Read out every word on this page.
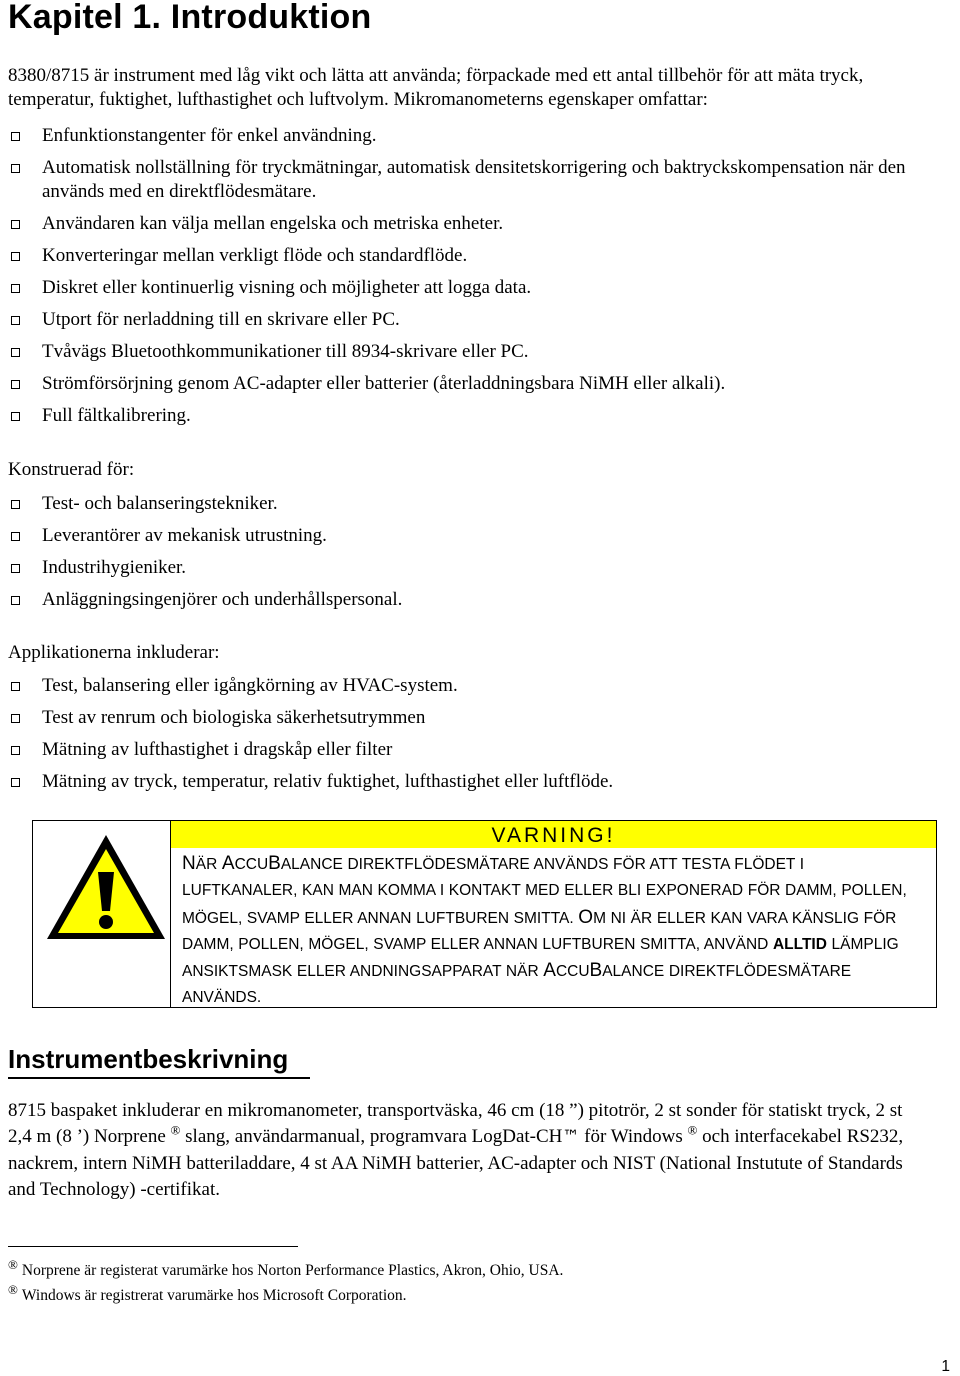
Kapitel 1. Introduktion

8380/8715 är instrument med låg vikt och lätta att använda; förpackade med ett antal tillbehör för att mäta tryck, temperatur, fuktighet, lufthastighet och luftvolym. Mikromanometerns egenskaper omfattar:

Enfunktionstangenter för enkel användning.
Automatisk nollställning för tryckmätningar, automatisk densitetskorrigering och baktryckskompensation när den används med en direktflödesmätare.
Användaren kan välja mellan engelska och metriska enheter.
Konverteringar mellan verkligt flöde och standardflöde.
Diskret eller kontinuerlig visning och möjligheter att logga data.
Utport för nerladdning till en skrivare eller PC.
Tvåvägs Bluetoothkommunikationer till 8934-skrivare eller PC.
Strömförsörjning genom AC-adapter eller batterier (återladdningsbara NiMH eller alkali).
Full fältkalibrering.

Konstruerad för:

Test- och balanseringstekniker.
Leverantörer av mekanisk utrustning.
Industrihygieniker.
Anläggningsingenjörer och underhållspersonal.

Applikationerna inkluderar:

Test, balansering eller igångkörning av HVAC-system.
Test av renrum och biologiska säkerhetsutrymmen
Mätning av lufthastighet i dragskåp eller filter
Mätning av tryck, temperatur, relativ fuktighet, lufthastighet eller luftflöde.
VARNING!

NÄR ACCUBALANCE DIREKTFLÖDESMÄTARE ANVÄNDS FÖR ATT TESTA FLÖDET I LUFTKANALER, KAN MAN KOMMA I KONTAKT MED ELLER BLI EXPONERAD FÖR DAMM, POLLEN, MÖGEL, SVAMP ELLER ANNAN LUFTBUREN SMITTA. OM NI ÄR ELLER KAN VARA KÄNSLIG FÖR DAMM, POLLEN, MÖGEL, SVAMP ELLER ANNAN LUFTBUREN SMITTA, ANVÄND ALLTID LÄMPLIG ANSIKTSMASK ELLER ANDNINGSAPPARAT NÄR ACCUBALANCE DIREKTFLÖDESMÄTARE ANVÄNDS.

Instrumentbeskrivning

8715 baspaket inkluderar en mikromanometer, transportväska, 46 cm (18 ”) pitotrör, 2 st sonder för statiskt tryck, 2 st 2,4 m (8 ’) Norprene ® slang, användarmanual, programvara LogDat-CH™ för Windows ® och interfacekabel RS232, nackrem, intern NiMH batteriladdare, 4 st AA NiMH batterier, AC-adapter och NIST (National Instutute of Standards and Technology) -certifikat.

® Norprene är registerat varumärke hos Norton Performance Plastics, Akron, Ohio, USA.
® Windows är registrerat varumärke hos Microsoft Corporation.
1
